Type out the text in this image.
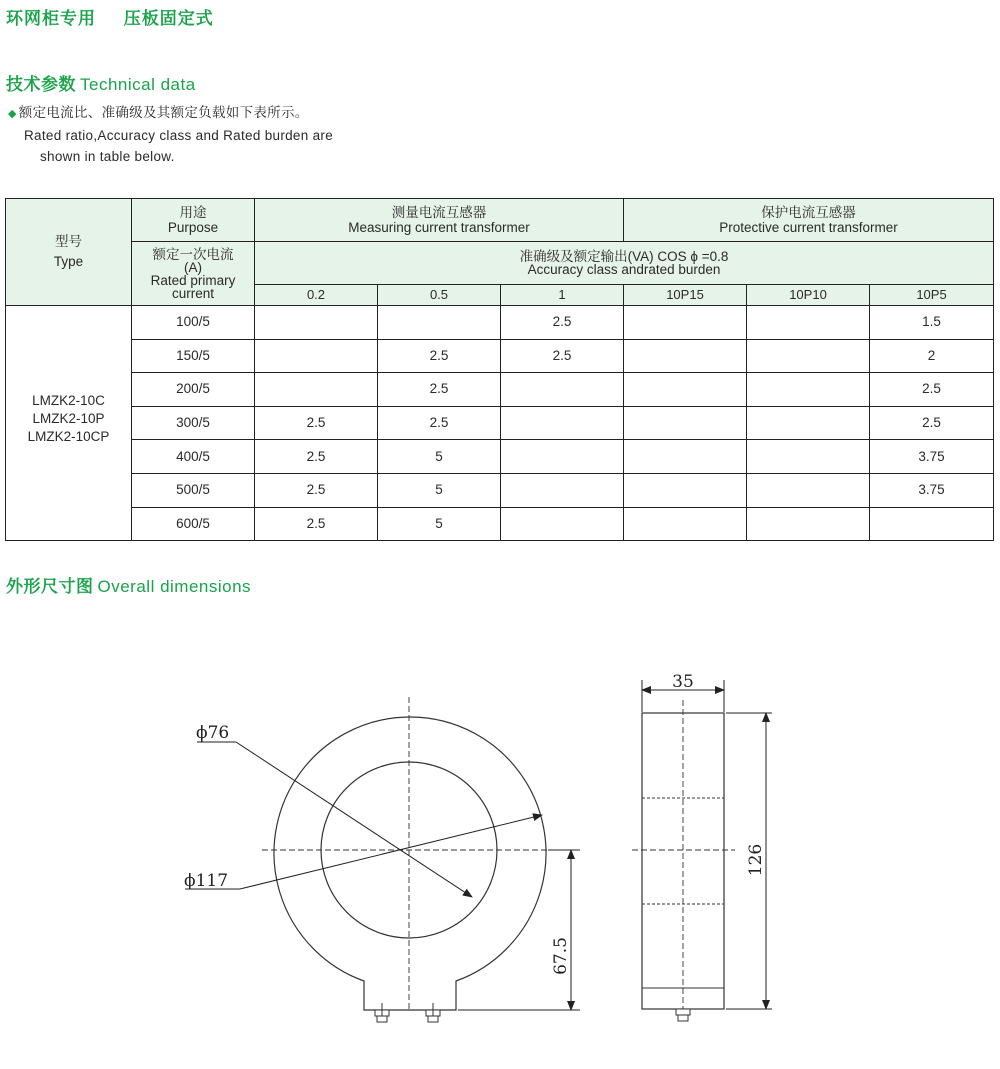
环网柜专用 压板固定式
技术参数 Technical data
◆ 额定电流比、准确级及其额定负载如下表所示。
Rated ratio,Accuracy class and Rated burden are
shown in table below.
型号
Type	用途
Purpose	测量电流互感器
Measuring current transformer			保护电流互感器
Protective current transformer		

	额定一次电流
(A)
Rated primary
current	准确级及额定输出(VA) COS ϕ =0.8
Accuracy class andrated burden					

		0.2	0.5	1	10P15	10P10	10P5

LMZK2-10C
LMZK2-10P
LMZK2-10CP	100/5			2.5			1.5
	150/5		2.5	2.5			2
	200/5		2.5				2.5
	300/5	2.5	2.5				2.5
	400/5	2.5	5				3.75
	500/5	2.5	5				3.75
	600/5	2.5	5				
外形尺寸图 Overall dimensions
ϕ76
ϕ117
67.5
35
126
